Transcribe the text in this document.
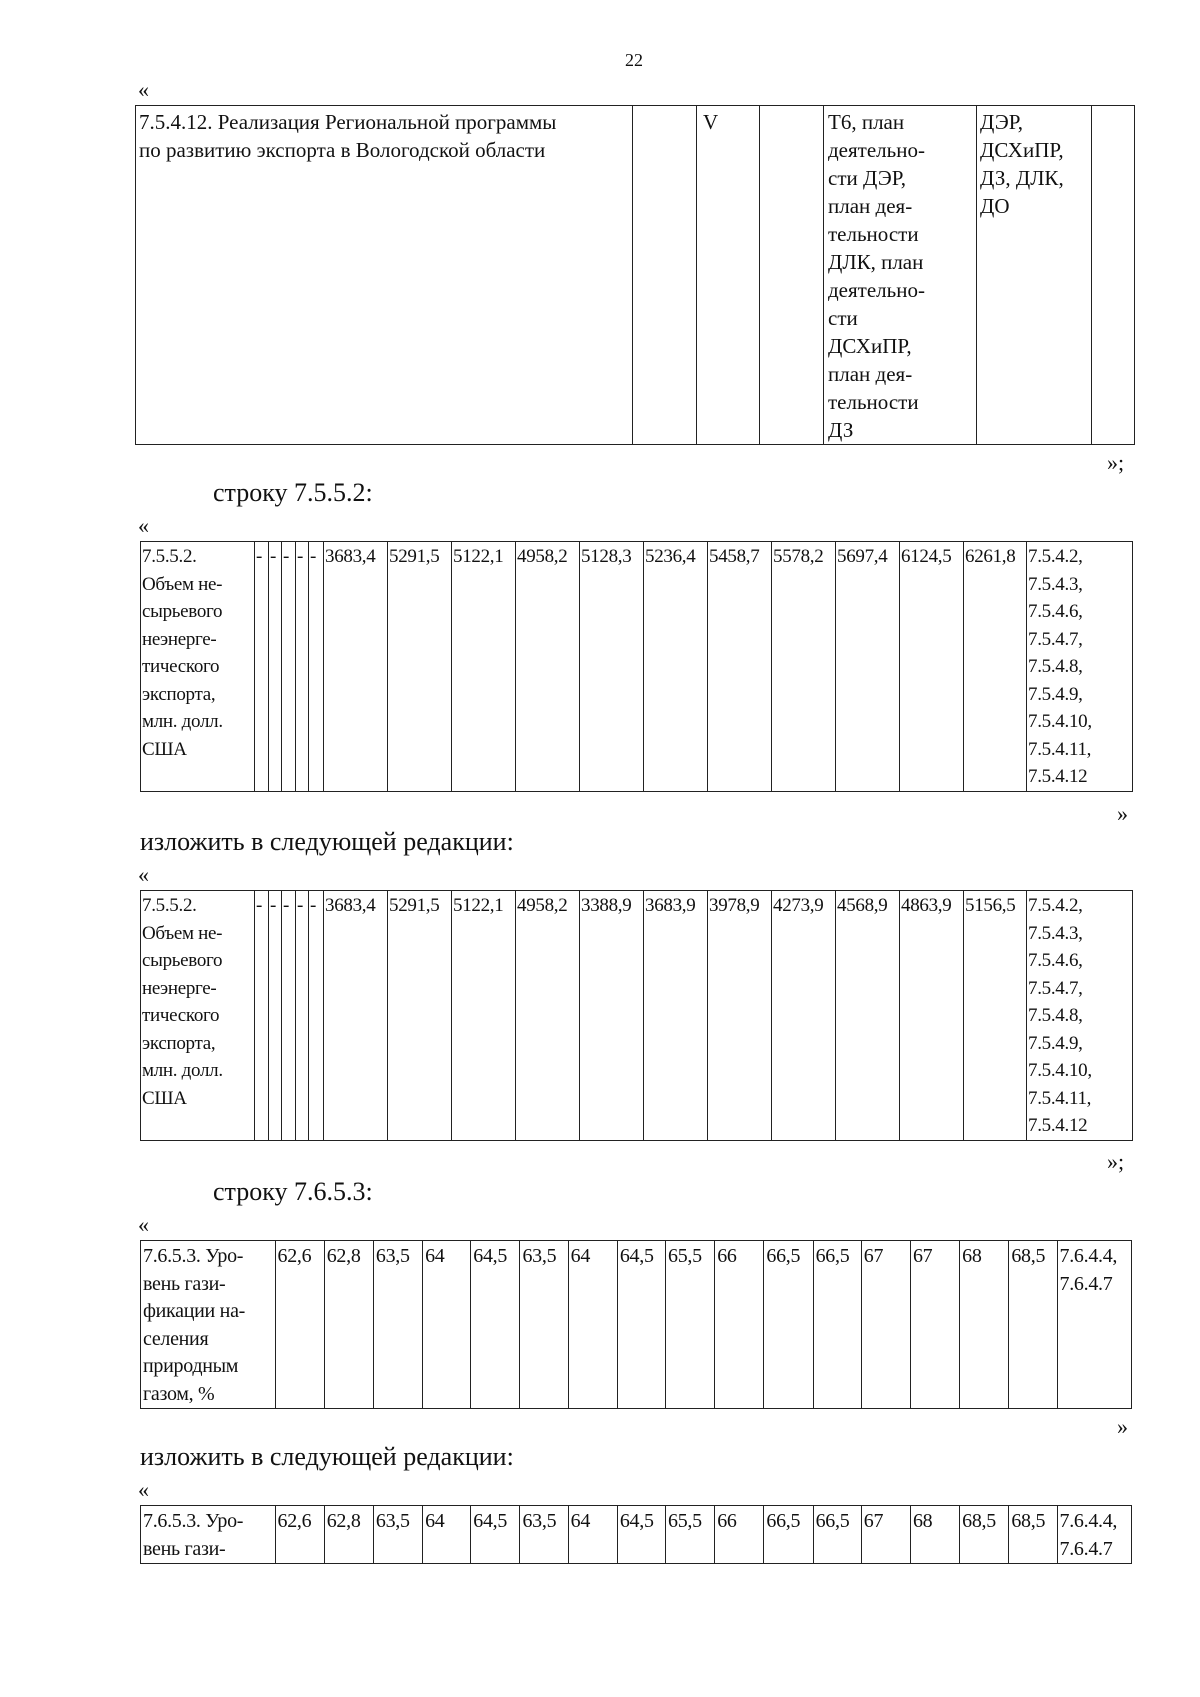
22
«
7.5.4.12. Реализация Региональной программы
по развитию экспорта в Вологодской области		V		Т6, план
деятельно-
сти ДЭР,
план дея-
тельности
ДЛК, план
деятельно-
сти
ДСХиПР,
план дея-
тельности
ДЗ	ДЭР,
ДСХиПР,
ДЗ, ДЛК,
ДО	
»;
строку 7.5.5.2:
«
7.5.5.2.
Объем не-
сырьевого
неэнерге-
тического
экспорта,
млн. долл.
США	-	-	-	-	-	3683,4	5291,5	5122,1	4958,2	5128,3	5236,4	5458,7	5578,2	5697,4	6124,5	6261,8	7.5.4.2,
7.5.4.3,
7.5.4.6,
7.5.4.7,
7.5.4.8,
7.5.4.9,
7.5.4.10,
7.5.4.11,
7.5.4.12
»
изложить в следующей редакции:
«
7.5.5.2.
Объем не-
сырьевого
неэнерге-
тического
экспорта,
млн. долл.
США	-	-	-	-	-	3683,4	5291,5	5122,1	4958,2	3388,9	3683,9	3978,9	4273,9	4568,9	4863,9	5156,5	7.5.4.2,
7.5.4.3,
7.5.4.6,
7.5.4.7,
7.5.4.8,
7.5.4.9,
7.5.4.10,
7.5.4.11,
7.5.4.12
»;
строку 7.6.5.3:
«
7.6.5.3. Уро-
вень гази-
фикации на-
селения
природным
газом, %	62,6	62,8	63,5	64	64,5	63,5	64	64,5	65,5	66	66,5	66,5	67	67	68	68,5	7.6.4.4,
7.6.4.7
»
изложить в следующей редакции:
«
7.6.5.3. Уро-
вень гази-	62,6	62,8	63,5	64	64,5	63,5	64	64,5	65,5	66	66,5	66,5	67	68	68,5	68,5	7.6.4.4,
7.6.4.7
